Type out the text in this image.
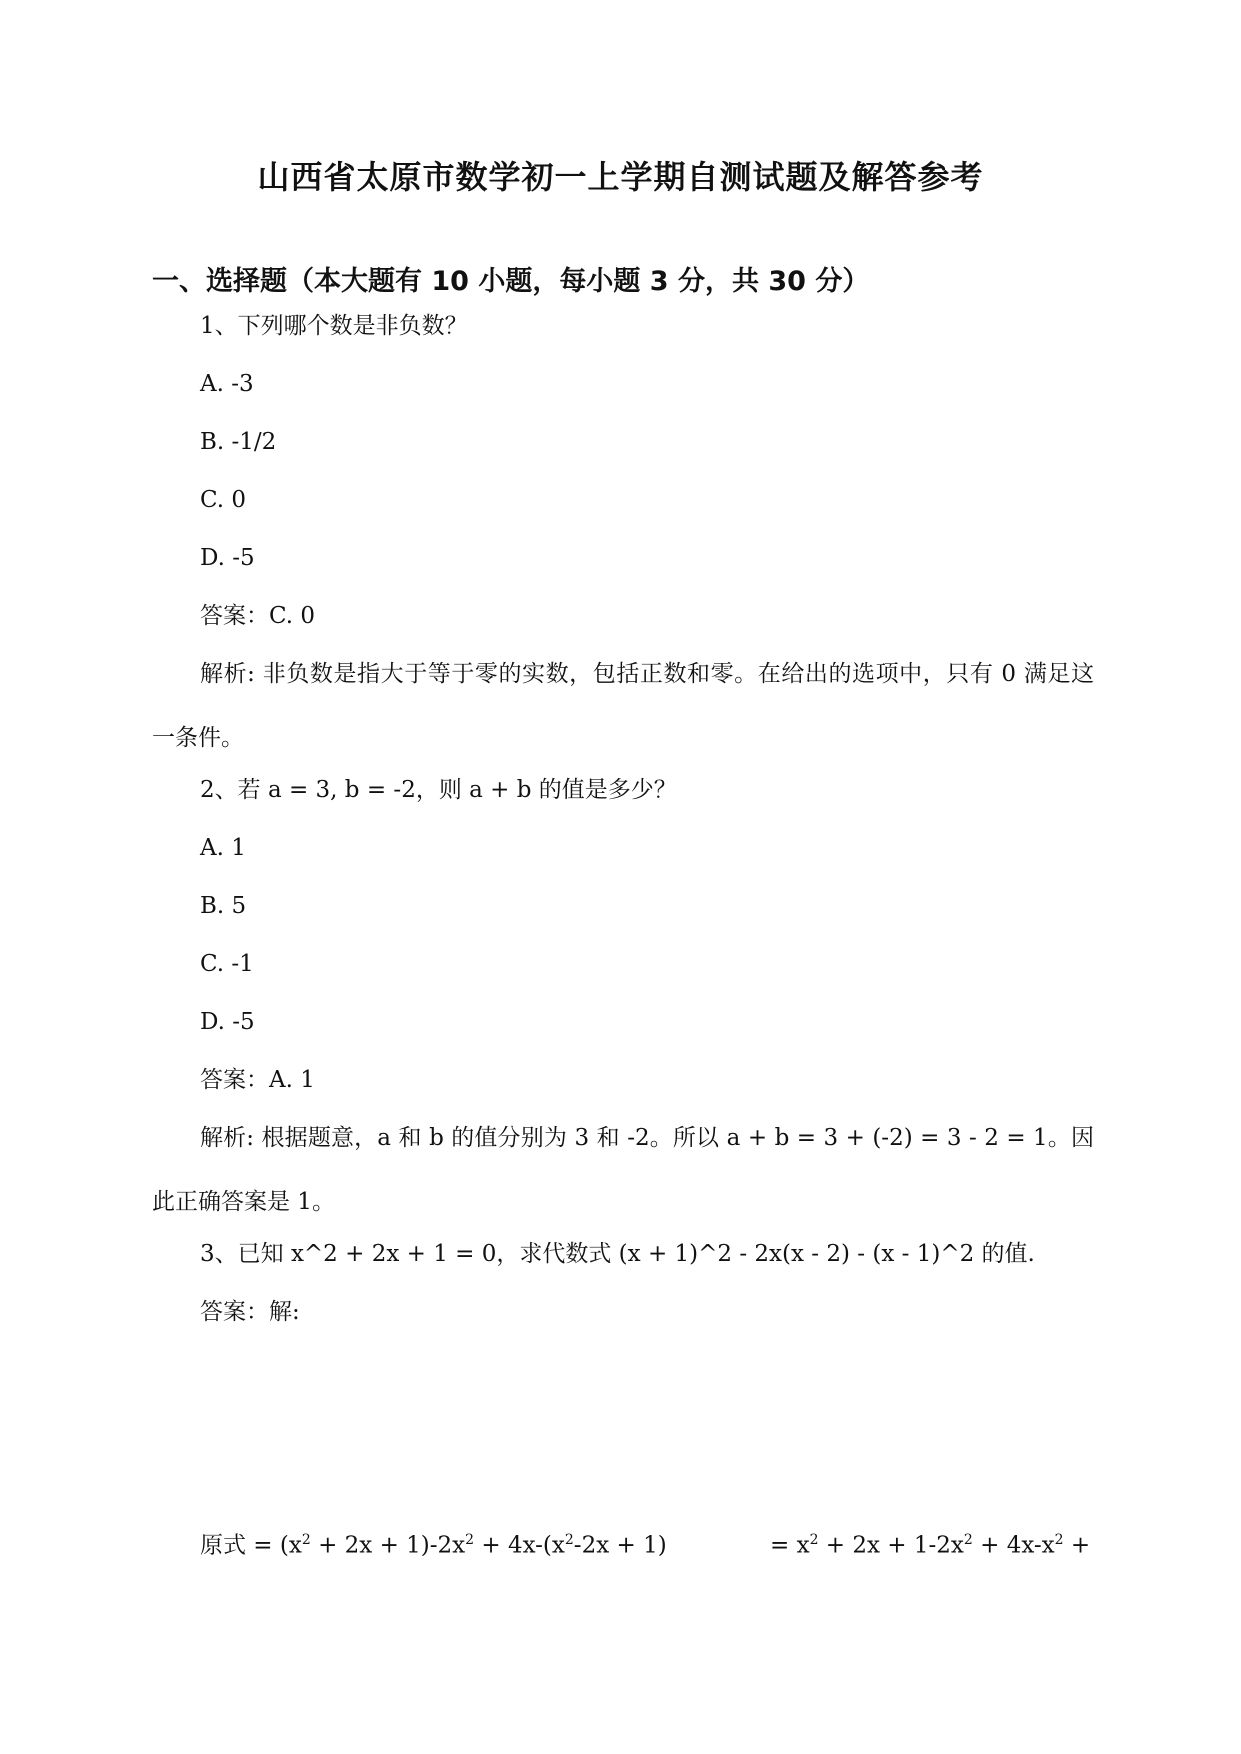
山西省太原市数学初一上学期自测试题及解答参考
一、选择题（本大题有 10 小题，每小题 3 分，共 30 分）
1、下列哪个数是非负数？
A. -3
B. -1/2
C. 0
D. -5
答案：C. 0
解析: 非负数是指大于等于零的实数，包括正数和零。在给出的选项中，只有 0 满足这一条件。
2、若 a = 3, b = -2，则 a + b 的值是多少？
A. 1
B. 5
C. -1
D. -5
答案：A. 1
解析: 根据题意，a 和 b 的值分别为 3 和 -2。所以 a + b = 3 + (-2) = 3 - 2 = 1。因此正确答案是 1。
3、已知 x^2 + 2x + 1 = 0，求代数式 (x + 1)^2 - 2x(x - 2) - (x - 1)^2 的值.
答案：解:
原式 = $(x^2 + 2x + 1)-2x^2 + 4x-(x^2-2x + 1)$	= $x^2 + 2x + 1-2x^2 + 4x-x^2$ +
